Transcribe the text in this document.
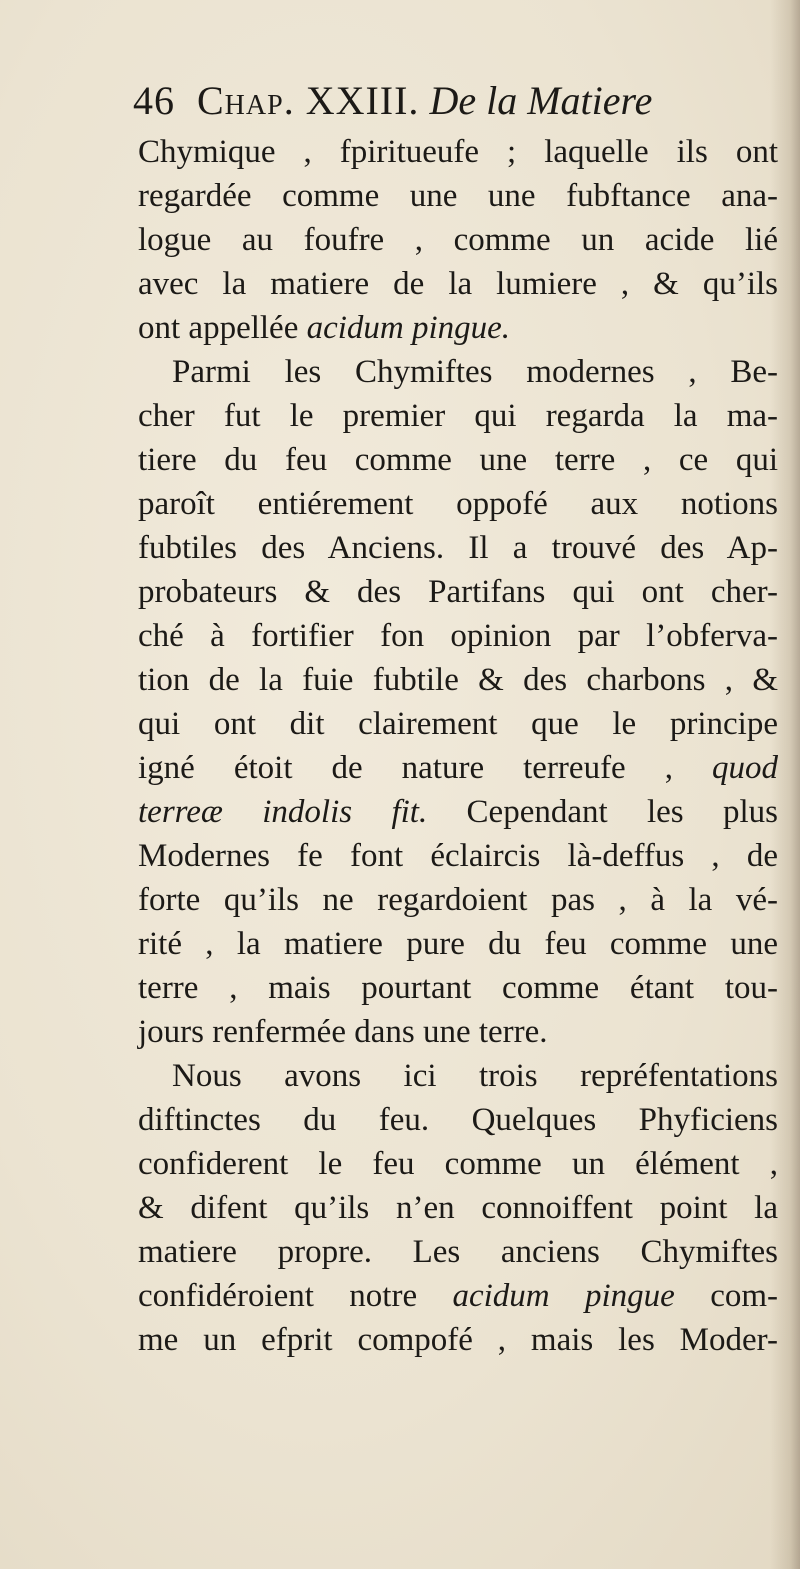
46 Chap. XXIII. De la Matiere
Chymique , fpiritueufe ; laquelle ils ont
regardée comme une une fubftance ana-
logue au foufre , comme un acide lié
avec la matiere de la lumiere , & qu’ils
ont appellée acidum pingue.
Parmi les Chymiftes modernes , Be-
cher fut le premier qui regarda la ma-
tiere du feu comme une terre , ce qui
paroît entiérement oppofé aux notions
fubtiles des Anciens. Il a trouvé des Ap-
probateurs & des Partifans qui ont cher-
ché à fortifier fon opinion par l’obferva-
tion de la fuie fubtile & des charbons , &
qui ont dit clairement que le principe
igné étoit de nature terreufe , quod
terreæ indolis fit. Cependant les plus
Modernes fe font éclaircis là-deffus , de
forte qu’ils ne regardoient pas , à la vé-
rité , la matiere pure du feu comme une
terre , mais pourtant comme étant tou-
jours renfermée dans une terre.
Nous avons ici trois repréfentations
diftinctes du feu. Quelques Phyficiens
confiderent le feu comme un élément ,
& difent qu’ils n’en connoiffent point la
matiere propre. Les anciens Chymiftes
confidéroient notre acidum pingue com-
me un efprit compofé , mais les Moder-
